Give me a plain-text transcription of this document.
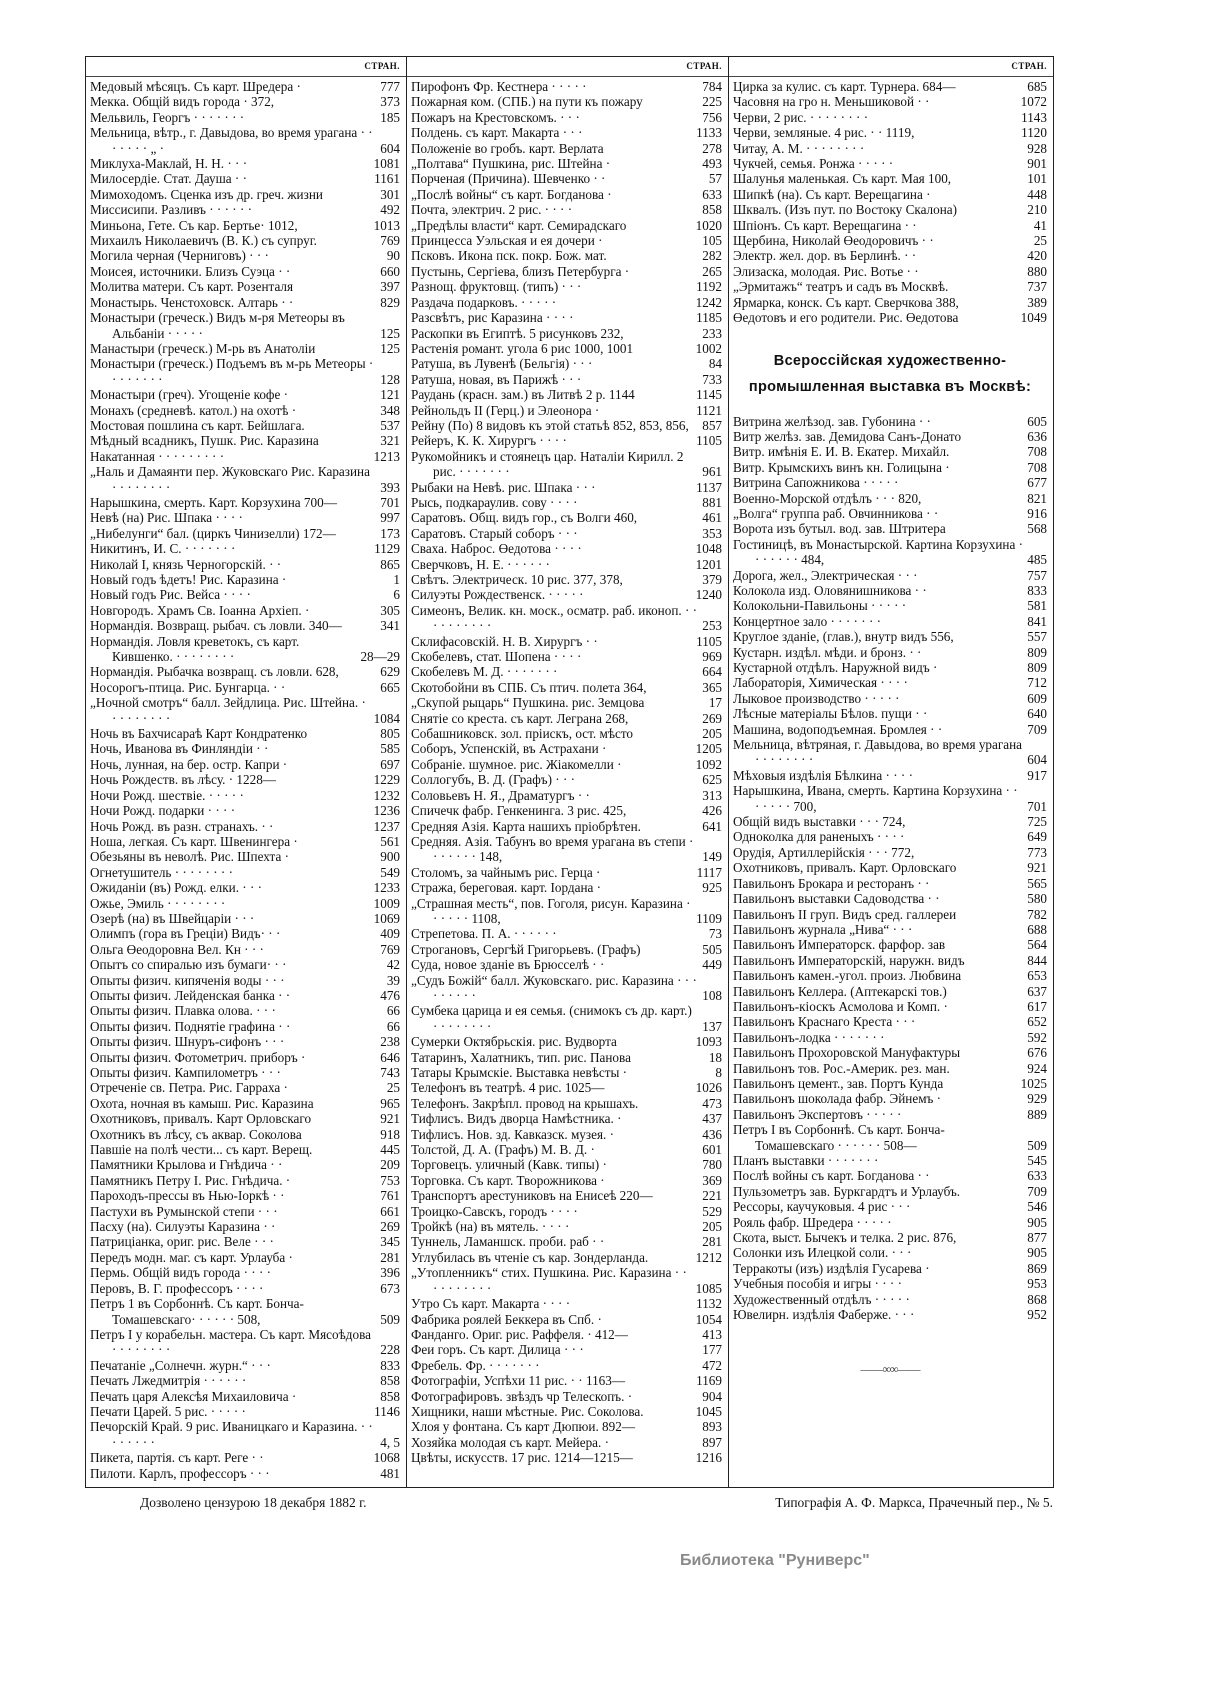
СТРАН.
Медовый мѣсяцъ. Съ карт. Шредера ·	777
Мекка. Общій видъ города · 372,	373
Мельвиль, Георгъ · · · · · · ·	185
Мельница, вѣтр., г. Давыдова, во время урагана · · · · · · · „ ·	604
Миклуха-Маклай, Н. Н. · · ·	1081
Милосердіе. Стат. Дауша · ·	1161
Мимоходомъ. Сценка изъ др. греч. жизни	301
Миссисипи. Разливъ · · · · · ·	492
Миньона, Гете. Съ кар. Бертье· 1012,	1013
Михаилъ Николаевичъ (В. К.) съ супруг.	769
Могила черная (Черниговъ) · · ·	90
Моисея, источники. Близъ Суэца · ·	660
Молитва матери. Съ карт. Розенталя	397
Монастырь. Ченстоховск. Алтарь · ·	829
Монастыри (греческ.) Видъ м-ря Метеоры въ Альбаніи · · · · ·	125
Манастыри (греческ.) М-рь въ Анатоліи	125
Монастыри (греческ.) Подъемъ въ м-рь Метеоры · · · · · · · ·	128
Монастыри (греч). Угощеніе кофе ·	121
Монахъ (средневѣ. катол.) на охотѣ ·	348
Мостовая пошлина съ карт. Бейшлага.	537
Мѣдный всадникъ, Пушк. Рис. Каразина	321
Накатанная · · · · · · · · ·	1213
„Наль и Дамаянти пер. Жуковскаго Рис. Каразина · · · · · · · ·	393
Нарышкина, смерть. Карт. Корзухина 700—	701
Невѣ (на) Рис. Шпака · · · ·	997
„Нибелунги“ бал. (циркъ Чинизелли) 172—	173
Никитинъ, И. С. · · · · · · ·	1129
Николай I, князь Черногорскій. · ·	865
Новый годъ ѣдетъ! Рис. Каразина ·	1
Новый годъ Рис. Вейса · · · ·	6
Новгородъ. Храмъ Св. Іоанна Архіеп. ·	305
Нормандія. Возвращ. рыбач. съ ловли. 340—	341
Нормандія. Ловля креветокъ, съ карт. Кившенко. · · · · · · · ·	28—29
Нормандія. Рыбачка возвращ. съ ловли. 628,	629
Носорогъ-птица. Рис. Бунгарца. · ·	665
„Ночной смотръ“ балл. Зейдлица. Рис. Штейна. · · · · · · · · ·	1084
Ночь въ Бахчисараѣ Карт Кондратенко	805
Ночь, Иванова въ Финляндіи · ·	585
Ночь, лунная, на бер. остр. Капри ·	697
Ночь Рождеств. въ лѣсу. · 1228—	1229
Ночи Рожд. шествіе. · · · · ·	1232
Ночи Рожд. подарки · · · ·	1236
Ночь Рожд. въ разн. странахъ. · ·	1237
Ноша, легкая. Съ карт. Швенингера ·	561
Обезьяны въ неволѣ. Рис. Шпехта ·	900
Огнетушитель · · · · · · · ·	549
Ожиданіи (въ) Рожд. елки. · · ·	1233
Ожье, Эмиль · · · · · · · ·	1009
Озерѣ (на) въ Швейцаріи · · ·	1069
Олимпъ (гора въ Греціи) Видъ· · ·	409
Ольга Өеодоровна Вел. Кн · · ·	769
Опытъ со спиралью изъ бумаги· · ·	42
Опыты физич. кипяченія воды · · ·	39
Опыты физич. Лейденская банка · ·	476
Опыты физич. Плавка олова. · · ·	66
Опыты физич. Поднятіе графина · ·	66
Опыты физич. Шнуръ-сифонъ · · ·	238
Опыты физич. Фотометрич. приборъ ·	646
Опыты физич. Кампилометръ · · ·	743
Отреченіе св. Петра. Рис. Гарраха ·	25
Охота, ночная въ камыш. Рис. Каразина	965
Охотниковъ, привалъ. Карт Орловскаго	921
Охотникъ въ лѣсу, съ аквар. Соколова	918
Павшіе на полѣ чести... съ карт. Верещ.	445
Памятники Крылова и Гнѣдича · ·	209
Памятникъ Петру I. Рис. Гнѣдича. ·	753
Пароходъ-прессы въ Нью-Іоркѣ · ·	761
Пастухи въ Румынской степи · · ·	661
Пасху (на). Силуэты Каразина · ·	269
Патриціанка, ориг. рис. Веле · · ·	345
Передъ модн. маг. съ карт. Урлауба ·	281
Пермь. Общій видъ города · · · ·	396
Перовъ, В. Г. профессоръ · · · ·	673
Петръ 1 въ Сорбоннѣ. Съ карт. Бонча-Томашевскаго· · · · · · 508,	509
Петръ I у корабельн. мастера. Съ карт. Мясоѣдова · · · · · · · ·	228
Печатаніе „Солнечн. журн.“ · · ·	833
Печать Лжедмитрія · · · · · ·	858
Печать царя Алексѣя Михаиловича ·	858
Печати Царей. 5 рис. · · · · ·	1146
Печорскій Край. 9 рис. Иваницкаго и Каразина. · · · · · · · ·	4, 5
Пикета, партія. съ карт. Реге · ·	1068
Пилоти. Карлъ, профессоръ · · ·	481
СТРАН.
Пирофонъ Фр. Кестнера · · · · ·	784
Пожарная ком. (СПБ.) на пути къ пожару	225
Пожаръ на Крестовскомъ. · · ·	756
Полдень. съ карт. Макарта · · ·	1133
Положеніе во гробъ. карт. Верлата	278
„Полтава“ Пушкина, рис. Штейна ·	493
Порченая (Причина). Шевченко · ·	57
„Послѣ войны“ съ карт. Богданова ·	633
Почта, электрич. 2 рис. · · · ·	858
„Предѣлы власти“ карт. Семирадскаго	1020
Принцесса Уэльская и ея дочери ·	105
Псковъ. Икона пск. покр. Бож. мат.	282
Пустынь, Сергіева, близъ Петербурга ·	265
Разнощ. фруктовщ. (типъ) · · ·	1192
Раздача подарковъ. · · · · ·	1242
Разсвѣтъ, рис Каразина · · · ·	1185
Раскопки въ Египтѣ. 5 рисунковъ 232,	233
Растенія романт. угола 6 рис 1000, 1001	1002
Ратуша, въ Лувенѣ (Бельгія) · · ·	84
Ратуша, новая, въ Парижѣ · · ·	733
Раудань (красн. зам.) въ Литвѣ 2 р. 1144	1145
Рейнольдъ II (Герц.) и Элеонора ·	1121
Рейну (По) 8 видовъ къ этой статьѣ 852, 853, 856,	857
Рейеръ, К. К. Хирургъ · · · ·	1105
Рукомойникъ и стоянецъ цар. Наталіи Кирилл. 2 рис. · · · · · · ·	961
Рыбаки на Невѣ. рис. Шпака · · ·	1137
Рысь, подкараулив. сову · · · ·	881
Саратовъ. Общ. видъ гор., съ Волги 460,	461
Саратовъ. Старый соборъ · · ·	353
Сваха. Наброс. Өедотова · · · ·	1048
Сверчковъ, Н. Е. · · · · · ·	1201
Свѣтъ. Электрическ. 10 рис. 377, 378,	379
Силуэты Рождественск. · · · · ·	1240
Симеонъ, Велик. кн. моск., осматр. раб. иконоп. · · · · · · · · · ·	253
Склифасовскій. Н. В. Хирургъ · ·	1105
Скобелевъ, стат. Шопена · · · ·	969
Скобелевъ М. Д. · · · · · · ·	664
Скотобойни въ СПБ. Съ птич. полета 364,	365
„Скупой рыцарь“ Пушкина. рис. Земцова	17
Снятіе со креста. съ карт. Леграна 268,	269
Собашниковск. зол. пріискъ, ост. мѣсто	205
Соборъ, Успенскій, въ Астрахани ·	1205
Собраніе. шумное. рис. Жіакомелли ·	1092
Соллогубъ, В. Д. (Графъ) · · ·	625
Соловьевъ Н. Я., Драматургъ · ·	313
Спичечк фабр. Генкенинга. 3 рис. 425,	426
Средняя Азія. Карта нашихъ пріобрѣтен.	641
Средняя. Азія. Табунъ во время урагана въ степи · · · · · · · 148,	149
Столомъ, за чайнымъ рис. Герца ·	1117
Стража, береговая. карт. Іордана ·	925
„Страшная месть“, пов. Гоголя, рисун. Каразина · · · · · · 1108,	1109
Стрепетова. П. А. · · · · · ·	73
Строгановъ, Сергѣй Григорьевъ. (Графъ)	505
Суда, новое зданіе въ Брюсселѣ · ·	449
„Судъ Божій“ балл. Жуковскаго. рис. Каразина · · · · · · · · ·	108
Сумбека царица и ея семья. (снимокъ съ др. карт.) · · · · · · · ·	137
Сумерки Октябрьскія. рис. Вудворта	1093
Татаринъ, Халатникъ, тип. рис. Панова	18
Татары Крымскіе. Выставка невѣсты ·	8
Телефонъ въ театрѣ. 4 рис. 1025—	1026
Телефонъ. Закрѣпл. провод на крышахъ.	473
Тифлисъ. Видъ дворца Намѣстника. ·	437
Тифлисъ. Нов. зд. Кавказск. музея. ·	436
Толстой, Д. А. (Графъ) М. В. Д. ·	601
Торговецъ. уличный (Кавк. типы) ·	780
Торговка. Съ карт. Творожникова ·	369
Транспортъ арестуниковъ на Енисеѣ 220—	221
Троицко-Савскъ, городъ · · · ·	529
Тройкѣ (на) въ мятель. · · · ·	205
Туннель, Ламаншск. проби. раб · ·	281
Углубилась въ чтеніе съ кар. Зондерланда.	1212
„Утопленникъ“ стих. Пушкина. Рис. Каразина · · · · · · · · · ·	1085
Утро Съ карт. Макарта · · · ·	1132
Фабрика роялей Беккера въ Спб. ·	1054
Фанданго. Ориг. рис. Раффеля. · 412—	413
Феи горъ. Съ карт. Дилица · · ·	177
Фребель. Фр. · · · · · · ·	472
Фотографіи, Успѣхи 11 рис. · · 1163—	1169
Фотографировъ. звѣздъ чр Телескопъ. ·	904
Хищники, наши мѣстные. Рис. Соколова.	1045
Хлоя у фонтана. Съ карт Дюпюи. 892—	893
Хозяйка молодая съ карт. Мейера. ·	897
Цвѣты, искусств. 17 рис. 1214—1215—	1216
СТРАН.
Цирка за кулис. съ карт. Турнера. 684—	685
Часовня на гро н. Меньшиковой · ·	1072
Черви, 2 рис. · · · · · · · ·	1143
Черви, земляные. 4 рис. · · 1119,	1120
Читау, А. М. · · · · · · · ·	928
Чукчей, семья. Ронжа · · · · ·	901
Шалунья маленькая. Съ карт. Мая 100,	101
Шипкѣ (на). Съ карт. Верещагина ·	448
Шквалъ. (Изъ пут. по Востоку Скалона)	210
Шпіонъ. Съ карт. Верещагина · ·	41
Щербина, Николай Өеодоровичъ · ·	25
Электр. жел. дор. въ Берлинѣ. · ·	420
Элизаска, молодая. Рис. Вотье · ·	880
„Эрмитажъ“ театръ и садъ въ Москвѣ.	737
Ярмарка, конск. Съ карт. Сверчкова 388,	389
Өедотовъ и его родители. Рис. Өедотова	1049
Всероссійская художественно-промышленная выставка въ Москвѣ:
Витрина желѣзод. зав. Губонина · ·	605
Витр желѣз. зав. Демидова Санъ-Донато	636
Витр. имѣнія Е. И. В. Екатер. Михайл.	708
Витр. Крымскихъ винъ кн. Голицына ·	708
Витрина Сапожникова · · · · ·	677
Военно-Морской отдѣлъ · · · 820,	821
„Волга“ группа раб. Овчинникова · ·	916
Ворота изъ бутыл. вод. зав. Штритера	568
Гостиницѣ, въ Монастырской. Картина Корзухина · · · · · · · 484,	485
Дорога, жел., Электрическая · · ·	757
Колокола изд. Оловянишникова · ·	833
Колокольни-Павильоны · · · · ·	581
Концертное зало · · · · · · ·	841
Круглое зданіе, (глав.), внутр видъ 556,	557
Кустарн. издѣл. мѣди. и бронз. · ·	809
Кустарной отдѣлъ. Наружной видъ ·	809
Лабораторія, Химическая · · · ·	712
Лыковое производство · · · · ·	609
Лѣсные матеріалы Бѣлов. пущи · ·	640
Машина, водоподъемная. Бромлея · ·	709
Мельница, вѣтряная, г. Давыдова, во время урагана · · · · · · · ·	604
Мѣховыя издѣлія Бѣлкина · · · ·	917
Нарышкина, Ивана, смерть. Картина Корзухина · · · · · · · 700,	701
Общій видъ выставки · · · 724,	725
Одноколка для раненыхъ · · · ·	649
Орудія, Артиллерійскія · · · 772,	773
Охотниковъ, привалъ. Карт. Орловскаго	921
Павильонъ Брокара и ресторанъ · ·	565
Павильонъ выставки Садоводства · ·	580
Павильонъ II груп. Видъ сред. галлереи	782
Павильонъ журнала „Нива“ · · ·	688
Павильонъ Императорск. фарфор. зав	564
Павильонъ Императорскій, наружн. видъ	844
Павильонъ камен.-угол. произ. Любвина	653
Павильонъ Келлера. (Аптекарскі тов.)	637
Павильонъ-кіоскъ Асмолова и Комп. ·	617
Павильонъ Краснаго Креста · · ·	652
Павильонъ-лодка · · · · · · ·	592
Павильонъ Прохоровской Мануфактуры	676
Павильонъ тов. Рос.-Америк. рез. ман.	924
Павильонъ цемент., зав. Портъ Кунда	1025
Павильонъ шоколада фабр. Эйнемъ ·	929
Павильонъ Экспертовъ · · · · ·	889
Петръ I въ Сорбоннѣ. Съ карт. Бонча-Томашевскаго · · · · · · 508—	509
Планъ выставки · · · · · · ·	545
Послѣ войны съ карт. Богданова · ·	633
Пульзометръ зав. Буркгардтъ и Урлаубъ.	709
Рессоры, каучуковыя. 4 рис · · ·	546
Рояль фабр. Шредера · · · · ·	905
Скота, выст. Бычекъ и телка. 2 рис. 876,	877
Солонки изъ Илецкой соли. · · ·	905
Терракоты (изъ) издѣлія Гусарева ·	869
Учебныя пособія и игры · · · ·	953
Художественный отдѣлъ · · · · ·	868
Ювелирн. издѣлія Фаберже. · · ·	952
——∞∞——
Дозволено цензурою 18 декабря 1882 г.	Типографія А. Ф. Маркса, Прачечный пер., № 5.
Библиотека "Руниверс"
